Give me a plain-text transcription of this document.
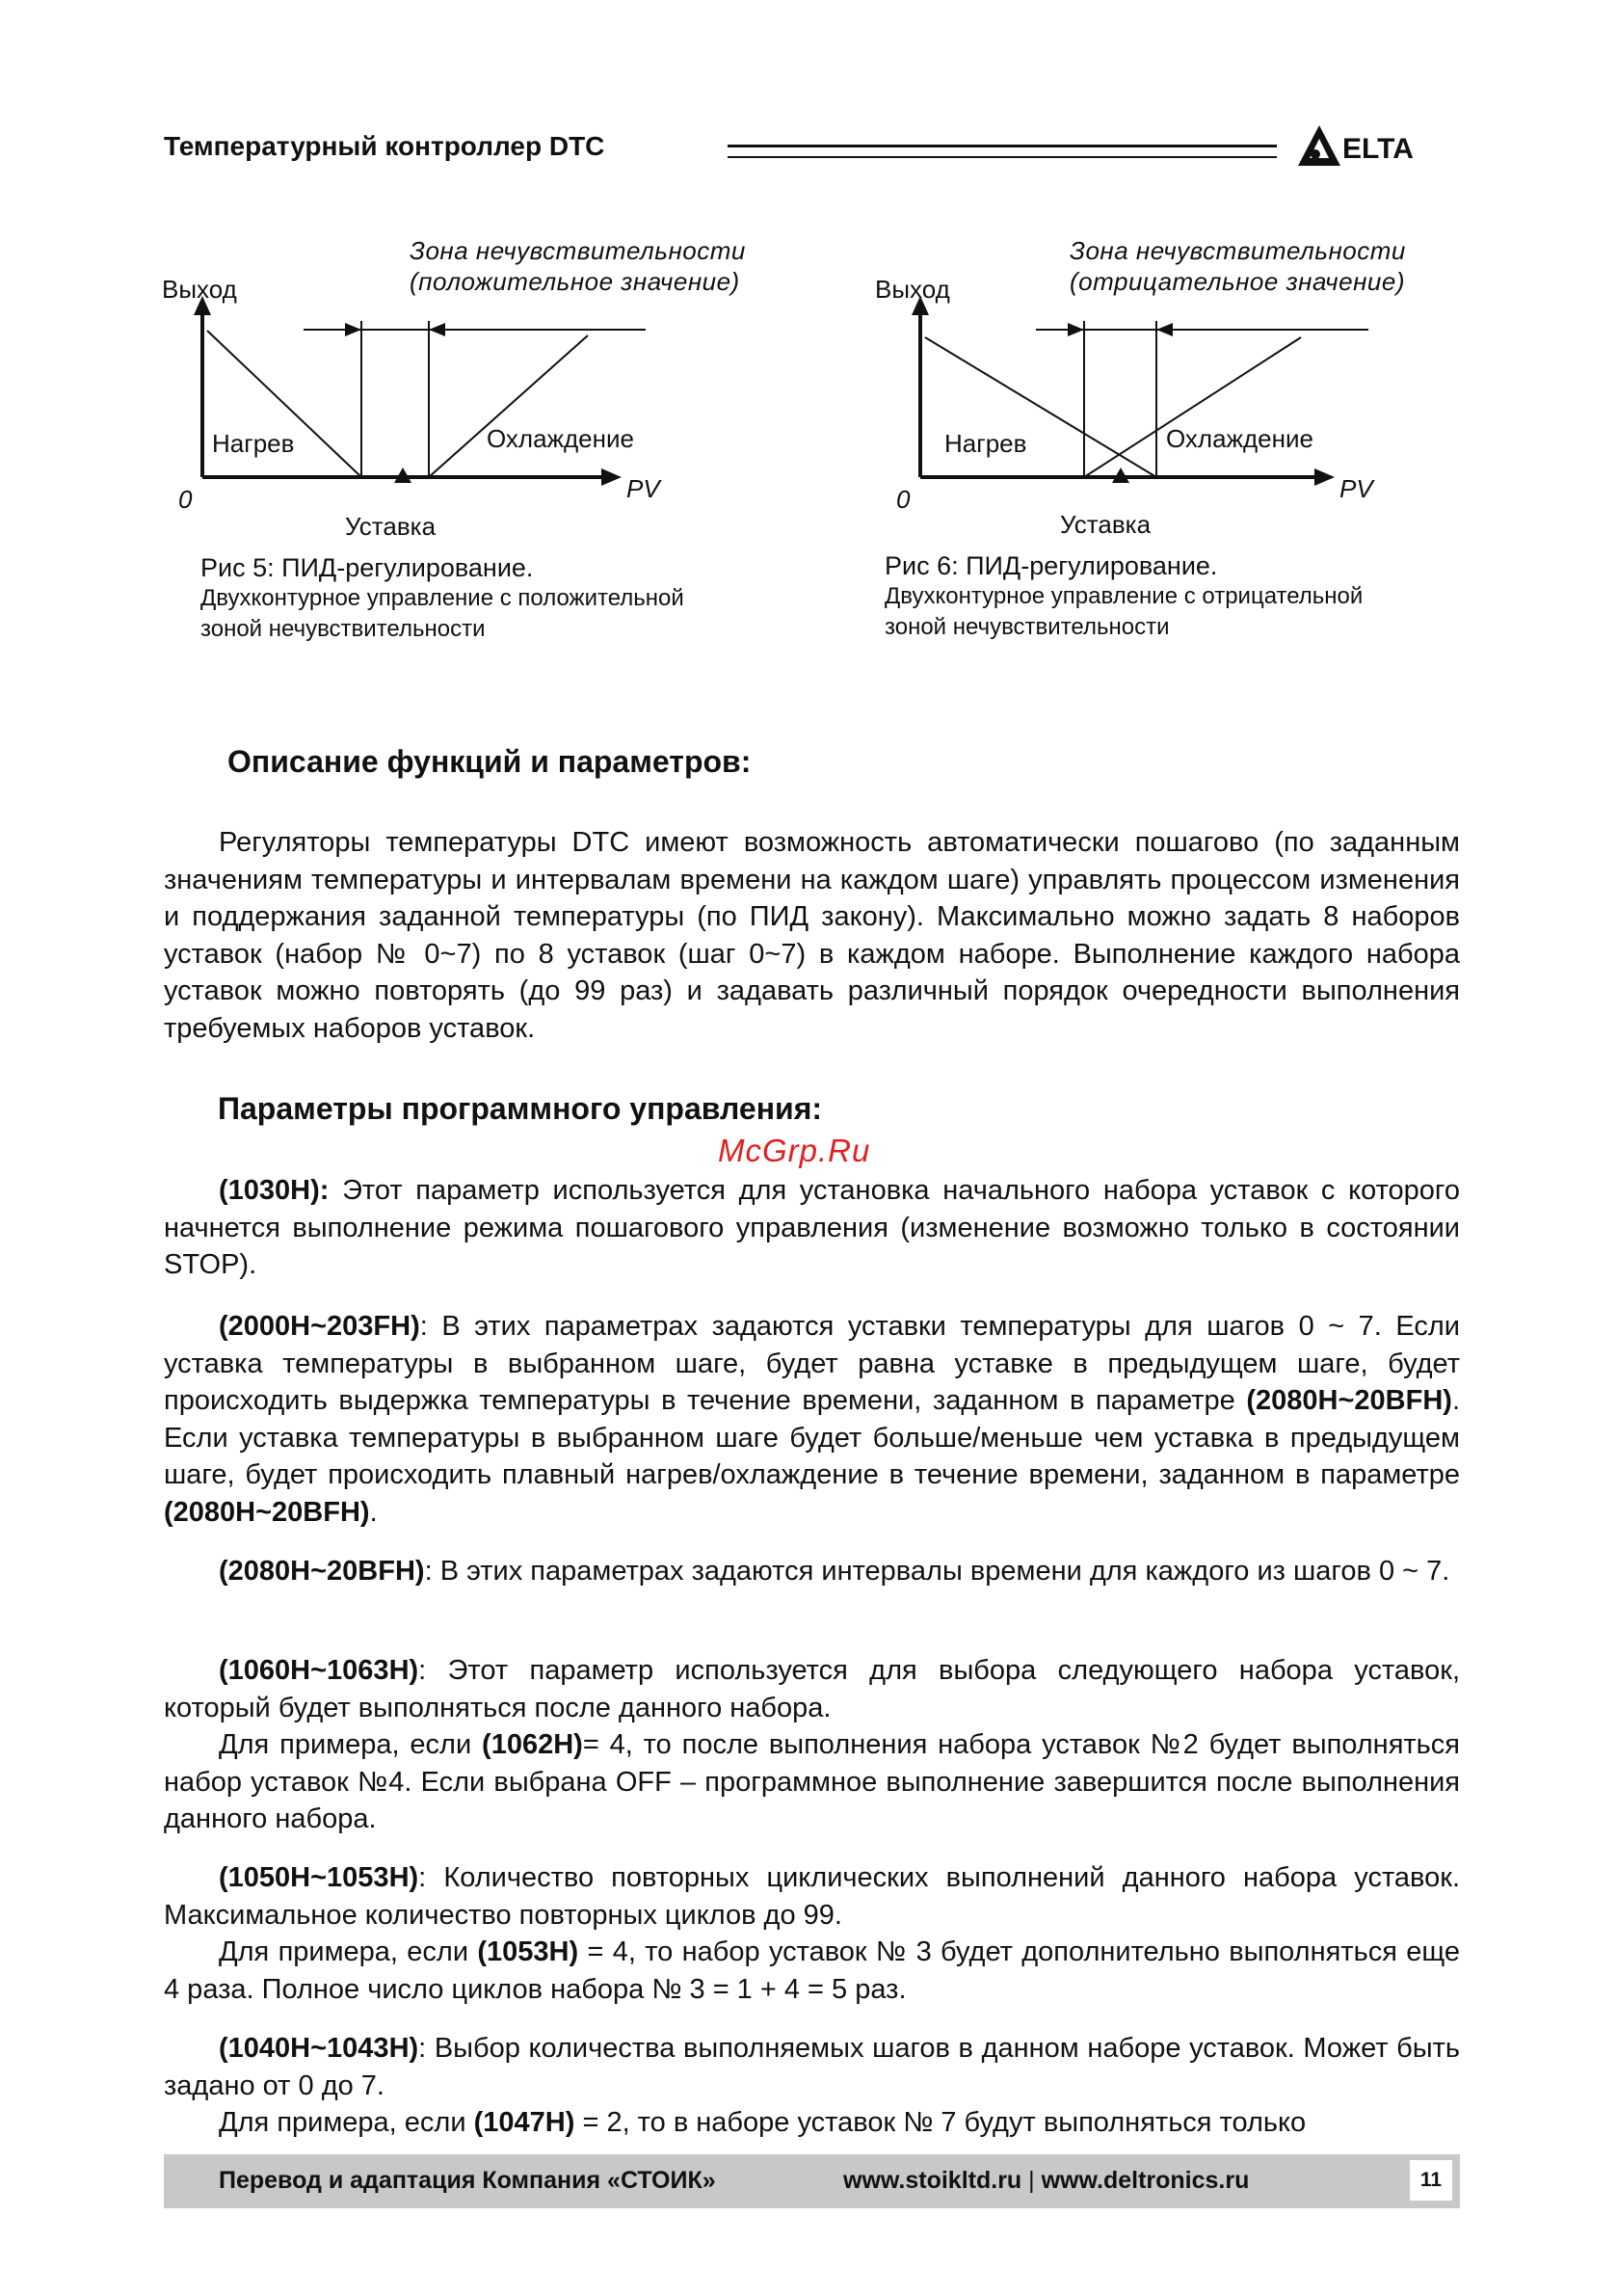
Температурный контроллер DTC	ELTA
Зона нечувствительности
(положительное значение)
Выход
Нагрев	Охлаждение
0	PV
Уставка
Рис 5: ПИД-регулирование.
Двухконтурное управление с положительной
зоной нечувствительности
Зона нечувствительности
(отрицательное значение)
Выход
Нагрев	Охлаждение
0	PV
Уставка
Рис 6: ПИД-регулирование.
Двухконтурное управление с отрицательной
зоной нечувствительности
Описание функций и параметров:

Регуляторы температуры DTC имеют возможность автоматически пошагово (по заданным значениям температуры и интервалам времени на каждом шаге) управлять процессом изменения и поддержания заданной температуры (по ПИД закону). Максимально можно задать 8 наборов уставок (набор № 0~7) по 8 уставок (шаг 0~7) в каждом наборе. Выполнение каждого набора уставок можно повторять (до 99 раз) и задавать различный порядок очередности выполнения требуемых наборов уставок.

Параметры программного управления:
McGrp.Ru

(1030H): Этот параметр используется для установка начального набора уставок с которого начнется выполнение режима пошагового управления (изменение возможно только в состоянии STOP).

(2000H~203FH): В этих параметрах задаются уставки температуры для шагов 0 ~ 7. Если уставка температуры в выбранном шаге, будет равна уставке в предыдущем шаге, будет происходить выдержка температуры в течение времени, заданном в параметре (2080H~20BFH). Если уставка температуры в выбранном шаге будет больше/меньше чем уставка в предыдущем шаге, будет происходить плавный нагрев/охлаждение в течение времени, заданном в параметре (2080H~20BFH).

(2080H~20BFH): В этих параметрах задаются интервалы времени для каждого из шагов 0 ~ 7.

(1060H~1063H): Этот параметр используется для выбора следующего набора уставок, который будет выполняться после данного набора.

Для примера, если (1062H)= 4, то после выполнения набора уставок №2 будет выполняться набор уставок №4. Если выбрана OFF – программное выполнение завершится после выполнения данного набора.

(1050H~1053H): Количество повторных циклических выполнений данного набора уставок. Максимальное количество повторных циклов до 99.

Для примера, если (1053H) = 4, то набор уставок № 3 будет дополнительно выполняться еще 4 раза. Полное число циклов набора № 3 = 1 + 4 = 5 раз.

(1040H~1043H): Выбор количества выполняемых шагов в данном наборе уставок. Может быть задано от 0 до 7.

Для примера, если (1047H) = 2, то в наборе уставок № 7 будут выполняться только

Перевод и адаптация Компания «СТОИК»	www.stoikltd.ru | www.deltronics.ru	11
